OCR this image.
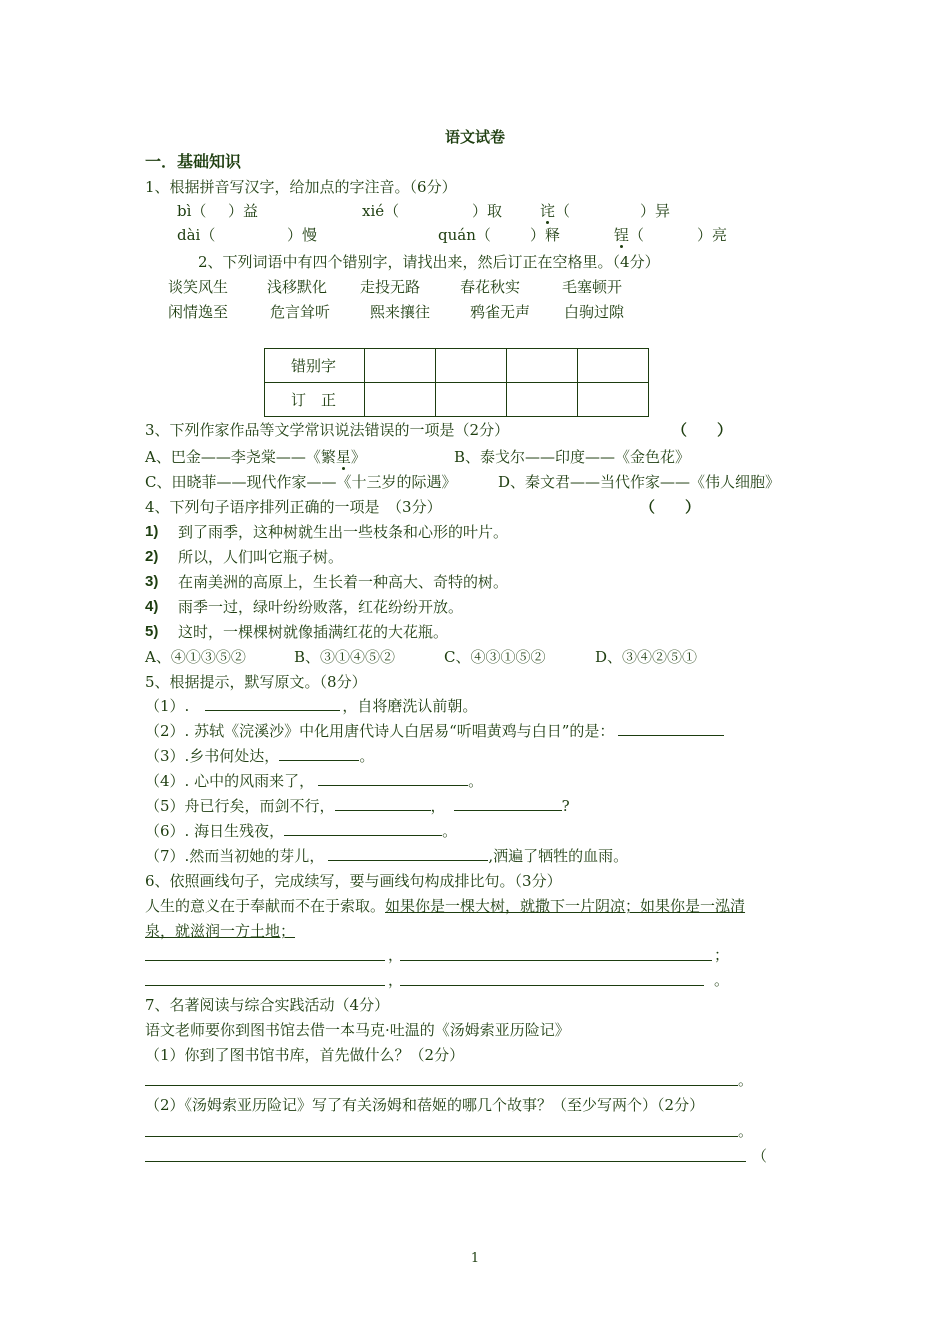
语文试卷
一．基础知识
1、根据拼音写汉字，给加点的字注音。（6分）
bì（ ）益	xié（	）取	诧（	）异
dài（	）慢	quán（	）释	锃（	）亮
2、下列词语中有四个错别字，请找出来，然后订正在空格里。（4分）
谈笑风生	浅移默化 走投无路	春花秋实	毛塞顿开
闲情逸至	危言耸听	熙来攘往	鸦雀无声 白驹过隙
错别字				
订　正				
3、下列作家作品等文学常识说法错误的一项是（2分）	（　　）
A、巴金——李尧棠——《繁星》	B、泰戈尔——印度——《金色花》
C、田晓菲——现代作家——《十三岁的际遇》	D、秦文君——当代作家——《伟人细胞》
4、下列句子语序排列正确的一项是　（3分）	（　　）
1) 到了雨季，这种树就生出一些枝条和心形的叶片。
2) 所以，人们叫它瓶子树。
3) 在南美洲的高原上，生长着一种高大、奇特的树。
4) 雨季一过，绿叶纷纷败落，红花纷纷开放。
5) 这时，一棵棵树就像插满红花的大花瓶。
A、④①③⑤②	B、③①④⑤②	C、④③①⑤②	D、③④②⑤①
5、根据提示，默写原文。（8分）
（1）.	，自将磨洗认前朝。
（2）. 苏轼《浣溪沙》中化用唐代诗人白居易“听唱黄鸡与白日”的是：
（3）.乡书何处达，	。
（4）. 心中的风雨来了，	。
（5）舟已行矣，而剑不行，	，	?
（6）. 海日生残夜，	。
（7）.然而当初她的芽儿，	,洒遍了牺牲的血雨。
6、依照画线句子，完成续写，要与画线句构成排比句。（3分）
人生的意义在于奉献而不在于索取。如果你是一棵大树，就撒下一片阴凉；如果你是一泓清
泉，就滋润一方土地；
，	；
，	。
7、名著阅读与综合实践活动（4分）
语文老师要你到图书馆去借一本马克·吐温的《汤姆索亚历险记》
（1）你到了图书馆书库，首先做什么？（2分）
。
（2）《汤姆索亚历险记》写了有关汤姆和蓓姬的哪几个故事？（至少写两个）（2分）
。
（
1
